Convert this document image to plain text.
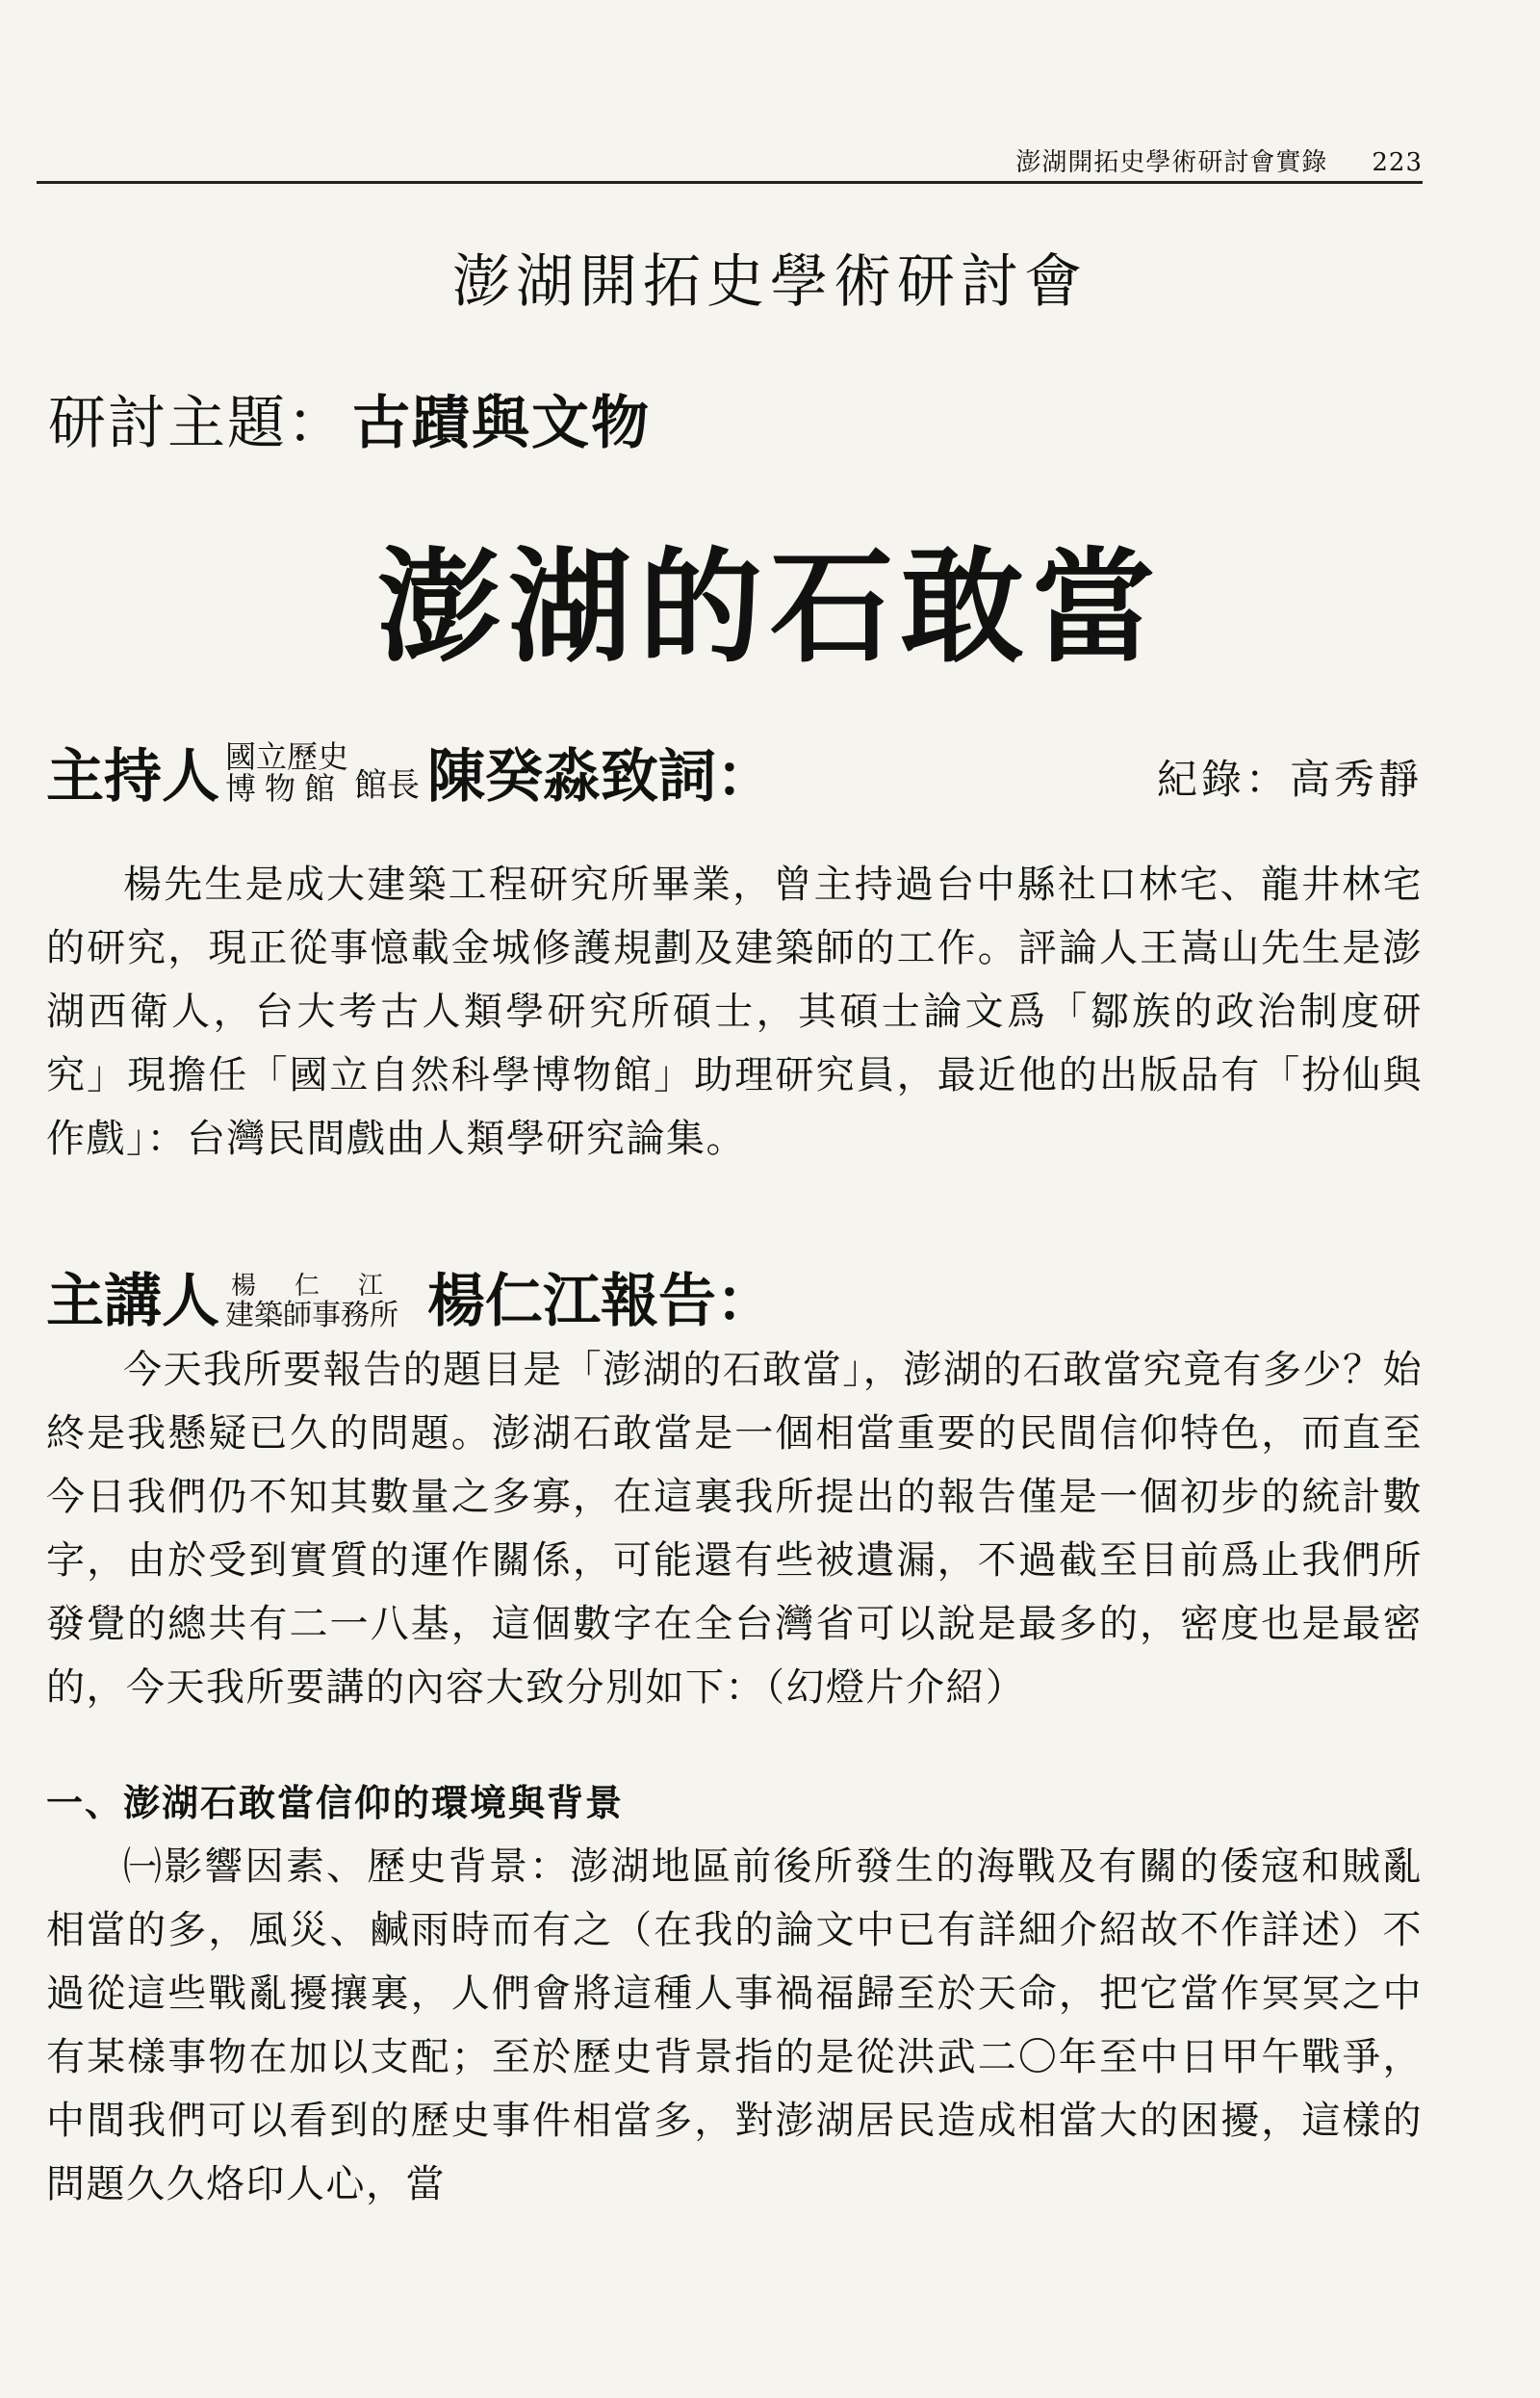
澎湖開拓史學術研討會實錄 223
澎湖開拓史學術研討會
研討主題： 古蹟與文物
澎湖的石敢當
主持人 國立歷史
博物館 館長 陳癸淼致詞：	紀錄：高秀靜

楊先生是成大建築工程研究所畢業，曾主持過台中縣社口林宅、龍井林宅的研究，現正從事憶載金城修護規劃及建築師的工作。評論人王嵩山先生是澎湖西衛人，台大考古人類學研究所碩士，其碩士論文爲「鄒族的政治制度研究」現擔任「國立自然科學博物館」助理研究員，最近他的出版品有「扮仙與作戲」：台灣民間戲曲人類學研究論集。

主講人 楊仁江
建築師事務所 楊仁江報告：

今天我所要報告的題目是「澎湖的石敢當」，澎湖的石敢當究竟有多少？始終是我懸疑已久的問題。澎湖石敢當是一個相當重要的民間信仰特色，而直至今日我們仍不知其數量之多寡，在這裏我所提出的報告僅是一個初步的統計數字，由於受到實質的運作關係，可能還有些被遺漏，不過截至目前爲止我們所發覺的總共有二一八基，這個數字在全台灣省可以說是最多的，密度也是最密的，今天我所要講的內容大致分別如下：（幻燈片介紹）

一、澎湖石敢當信仰的環境與背景

㈠影響因素、歷史背景：澎湖地區前後所發生的海戰及有關的倭寇和賊亂相當的多，風災、鹹雨時而有之（在我的論文中已有詳細介紹故不作詳述）不過從這些戰亂擾攘裏，人們會將這種人事禍福歸至於天命，把它當作冥冥之中有某樣事物在加以支配；至於歷史背景指的是從洪武二〇年至中日甲午戰爭，中間我們可以看到的歷史事件相當多，對澎湖居民造成相當大的困擾，這樣的問題久久烙印人心，當
